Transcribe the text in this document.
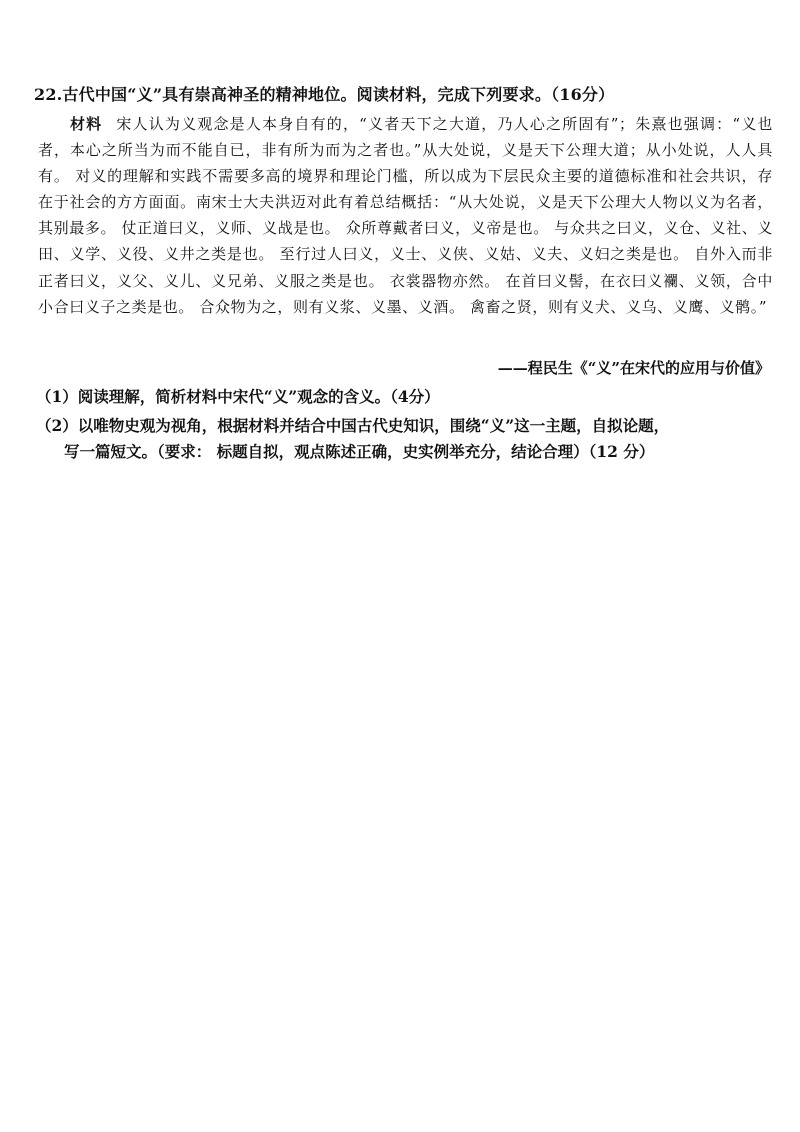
22.古代中国“义”具有崇高神圣的精神地位。阅读材料，完成下列要求。（16分）
材料 宋人认为义观念是人本身自有的，“义者天下之大道，乃人心之所固有”；朱熹也强调：“义也者，本心之所当为而不能自已，非有所为而为之者也。”从大处说，义是天下公理大道；从小处说，人人具有。 对义的理解和实践不需要多高的境界和理论门槛，所以成为下层民众主要的道德标准和社会共识，存在于社会的方方面面。南宋士大夫洪迈对此有着总结概括：“从大处说，义是天下公理大人物以义为名者，其别最多。 仗正道曰义，义师、义战是也。 众所尊戴者曰义，义帝是也。 与众共之曰义，义仓、义社、义田、义学、义役、义井之类是也。 至行过人曰义，义士、义侠、义姑、义夫、义妇之类是也。 自外入而非正者曰义，义父、义儿、义兄弟、义服之类是也。 衣裳器物亦然。 在首曰义髻，在衣曰义襴、义领，合中小合曰义子之类是也。 合众物为之，则有义浆、义墨、义酒。 禽畜之贤，则有义犬、义乌、义鹰、义鹘。”
——程民生《“义”在宋代的应用与价值》
（1）阅读理解，简析材料中宋代“义”观念的含义。（4分）
（2）以唯物史观为视角，根据材料并结合中国古代史知识，围绕“义”这一主题，自拟论题，
写一篇短文。（要求： 标题自拟，观点陈述正确，史实例举充分，结论合理）（12 分）
